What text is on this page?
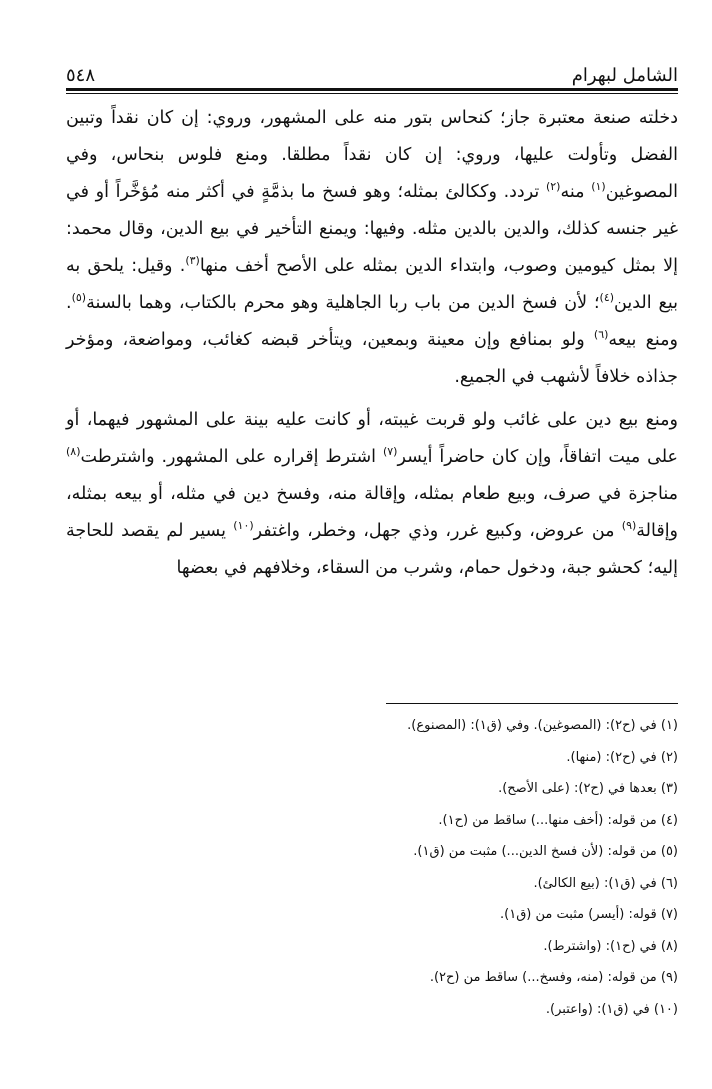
الشامل لبهرام
٥٤٨

دخلته صنعة معتبرة جاز؛ كنحاس بتور منه على المشهور، وروي: إن كان نقداً وتبين الفضل وتأولت عليها، وروي: إن كان نقداً مطلقا. ومنع فلوس بنحاس، وفي المصوغين$^{(١)}$ منه$^{(٢)}$ تردد. وككالئ بمثله؛ وهو فسخ ما بذمَّةٍ في أكثر منه مُؤخَّراً أو في غير جنسه كذلك، والدين بالدين مثله. وفيها: ويمنع التأخير في بيع الدين، وقال محمد: إلا بمثل كيومين وصوب، وابتداء الدين بمثله على الأصح أخف منها$^{(٣)}$. وقيل: يلحق به بيع الدين$^{(٤)}$؛ لأن فسخ الدين من باب ربا الجاهلية وهو محرم بالكتاب، وهما بالسنة$^{(٥)}$. ومنع بيعه$^{(٦)}$ ولو بمنافع وإن معينة وبمعين، ويتأخر قبضه كغائب، ومواضعة، ومؤخر جذاذه خلافاً لأشهب في الجميع.

ومنع بيع دين على غائب ولو قربت غيبته، أو كانت عليه بينة على المشهور فيهما، أو على ميت اتفاقاً، وإن كان حاضراً أيسر$^{(٧)}$ اشترط إقراره على المشهور. واشترطت$^{(٨)}$ مناجزة في صرف، وبيع طعام بمثله، وإقالة منه، وفسخ دين في مثله، أو بيعه بمثله، وإقالة$^{(٩)}$ من عروض، وكبيع غرر، وذي جهل، وخطر، واغتفر$^{(١٠)}$ يسير لم يقصد للحاجة إليه؛ كحشو جبة، ودخول حمام، وشرب من السقاء، وخلافهم في بعضها

(١) في (ح٢): (المصوغين). وفي (ق١): (المصنوع).
(٢) في (ح٢): (منها).
(٣) بعدها في (ح٢): (على الأصح).
(٤) من قوله: (أخف منها...) ساقط من (ح١).
(٥) من قوله: (لأن فسخ الدين...) مثبت من (ق١).
(٦) في (ق١): (بيع الكالئ).
(٧) قوله: (أيسر) مثبت من (ق١).
(٨) في (ح١): (واشترط).
(٩) من قوله: (منه، وفسخ...) ساقط من (ح٢).
(١٠) في (ق١): (واعتبر).
